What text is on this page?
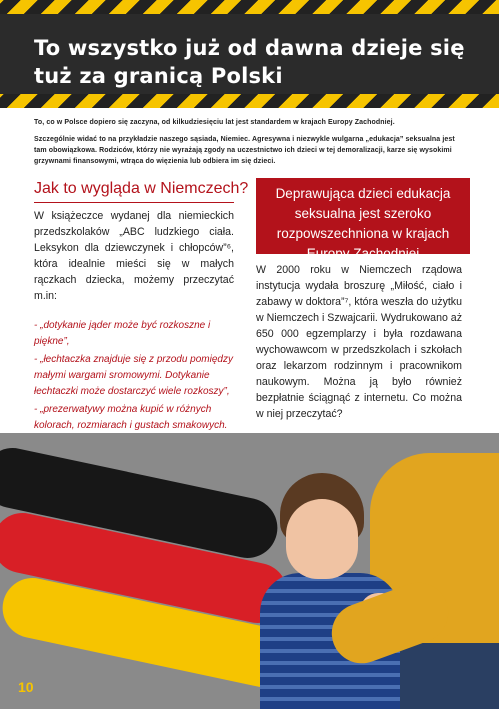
To wszystko już od dawna dzieje się
tuż za granicą Polski

To, co w Polsce dopiero się zaczyna, od kilkudziesięciu lat jest standardem w krajach Europy Zachodniej.

Szczególnie widać to na przykładzie naszego sąsiada, Niemiec. Agresywna i niezwykle wulgarna „edukacja” seksualna jest tam obowiązkowa. Rodziców, którzy nie wyrażają zgody na uczestnictwo ich dzieci w tej demoralizacji, karze się wysokimi grzywnami finansowymi, wtrąca do więzienia lub odbiera im się dzieci.

Jak to wygląda w Niemczech?

W książeczce wydanej dla niemieckich przedszkolaków „ABC ludzkiego ciała. Leksykon dla dziewczynek i chłopców”⁶, która idealnie mieści się w małych rączkach dziecka, możemy przeczytać m.in:

- „dotykanie jąder może być rozkoszne i piękne”,
- „łechtaczka znajduje się z przodu pomiędzy małymi wargami sromowymi. Dotykanie łechtaczki może dostarczyć wiele rozkoszy”,
- „prezerwatywy można kupić w różnych kolorach, rozmiarach i gustach smakowych.
Deprawująca dzieci edukacja seksualna jest szeroko rozpowszechniona w krajach Europy Zachodniej

W 2000 roku w Niemczech rządowa instytucja wydała broszurę „Miłość, ciało i zabawy w doktora”⁷, która weszła do użytku w Niemczech i Szwajcarii. Wydrukowano aż 650 000 egzemplarzy i była rozdawana wychowawcom w przedszkolach i szkołach oraz lekarzom rodzinnym i pracownikom naukowym. Można ją było również bezpłatnie ściągnąć z internetu. Co można w niej przeczytać?

10
